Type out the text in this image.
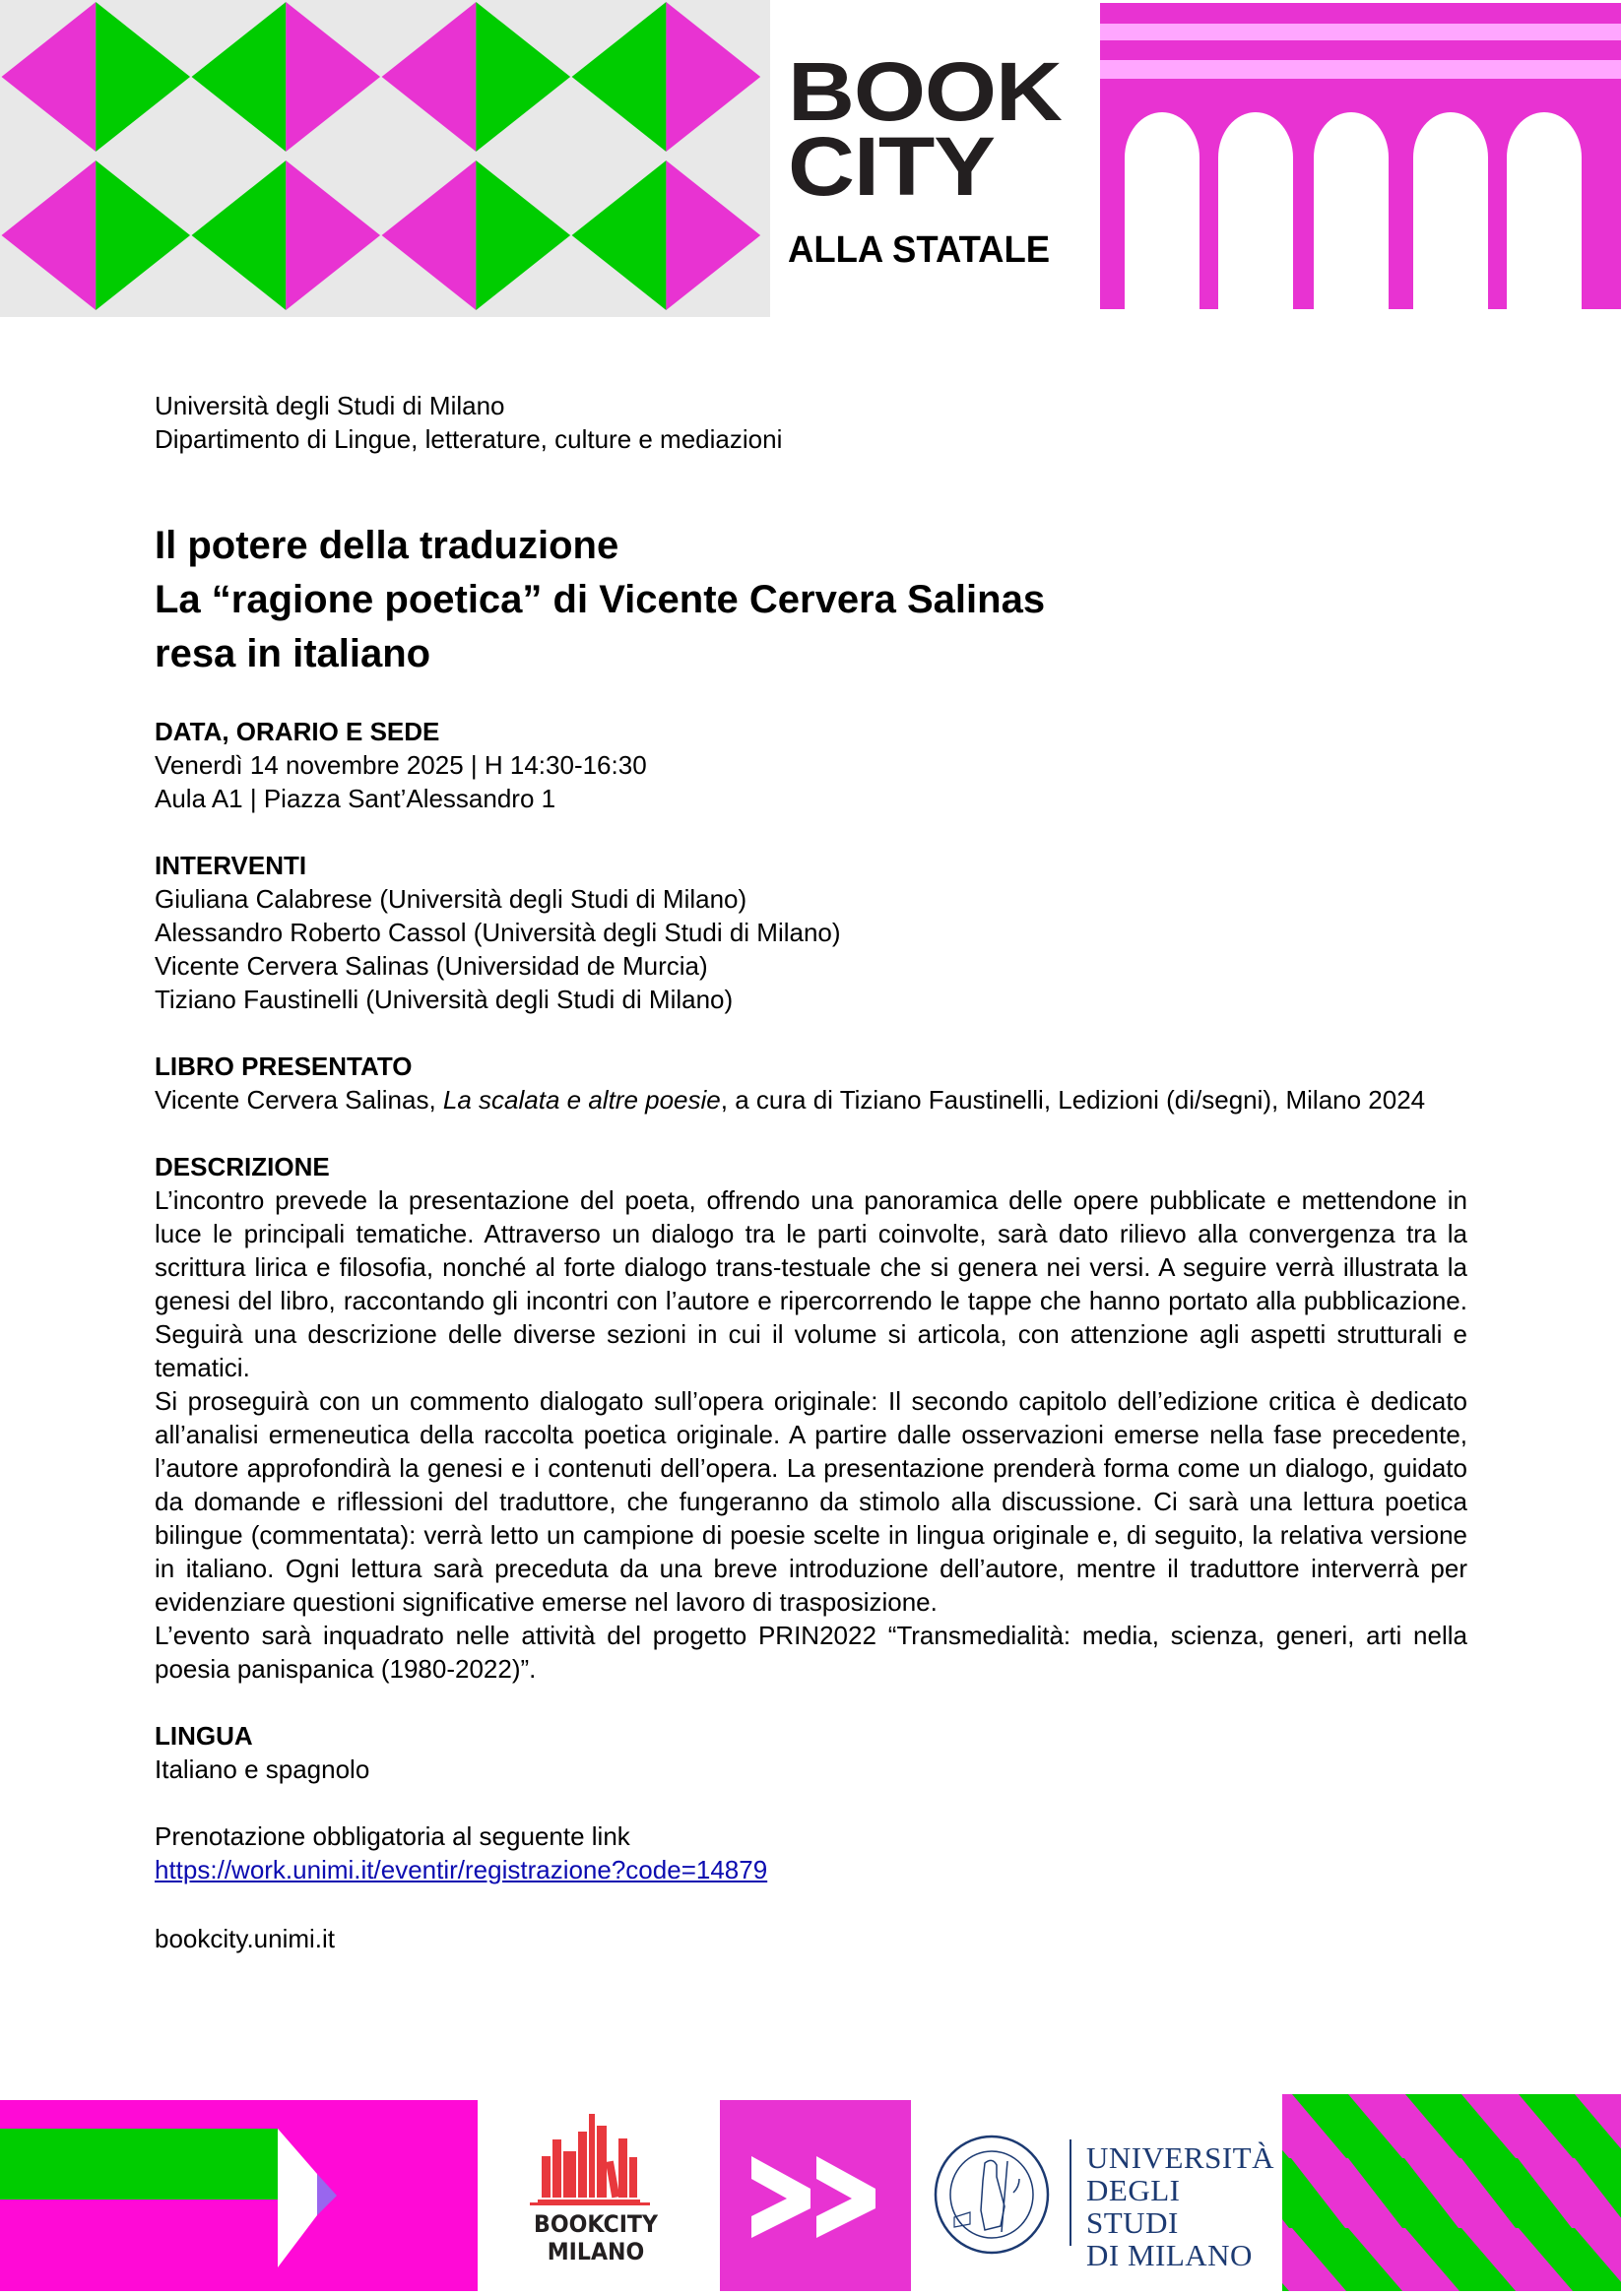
BOOK
CITY
ALLA STATALE

Università degli Studi di Milano

Dipartimento di Lingue, letterature, culture e mediazioni

Il potere della traduzione
La “ragione poetica” di Vicente Cervera Salinas
resa in italiano
DATA, ORARIO E SEDE

Venerdì 14 novembre 2025 | H 14:30-16:30

Aula A1 | Piazza Sant’Alessandro 1

INTERVENTI

Giuliana Calabrese (Università degli Studi di Milano)

Alessandro Roberto Cassol (Università degli Studi di Milano)

Vicente Cervera Salinas (Universidad de Murcia)

Tiziano Faustinelli (Università degli Studi di Milano)

LIBRO PRESENTATO

Vicente Cervera Salinas, La scalata e altre poesie, a cura di Tiziano Faustinelli, Ledizioni (di/segni), Milano 2024

DESCRIZIONE

L’incontro prevede la presentazione del poeta, offrendo una panoramica delle opere pubblicate e mettendone in luce le principali tematiche. Attraverso un dialogo tra le parti coinvolte, sarà dato rilievo alla convergenza tra la scrittura lirica e filosofia, nonché al forte dialogo trans-testuale che si genera nei versi. A seguire verrà illustrata la genesi del libro, raccontando gli incontri con l’autore e ripercorrendo le tappe che hanno portato alla pubblicazione. Seguirà una descrizione delle diverse sezioni in cui il volume si articola, con attenzione agli aspetti strutturali e tematici.

Si proseguirà con un commento dialogato sull’opera originale: Il secondo capitolo dell’edizione critica è dedicato all’analisi ermeneutica della raccolta poetica originale. A partire dalle osservazioni emerse nella fase precedente, l’autore approfondirà la genesi e i contenuti dell’opera. La presentazione prenderà forma come un dialogo, guidato da domande e riflessioni del traduttore, che fungeranno da stimolo alla discussione. Ci sarà una lettura poetica bilingue (commentata): verrà letto un campione di poesie scelte in lingua originale e, di seguito, la relativa versione in italiano. Ogni lettura sarà preceduta da una breve introduzione dell’autore, mentre il traduttore interverrà per evidenziare questioni significative emerse nel lavoro di trasposizione.

L’evento sarà inquadrato nelle attività del progetto PRIN2022 “Transmedialità: media, scienza, generi, arti nella poesia panispanica (1980-2022)”.

LINGUA

Italiano e spagnolo

Prenotazione obbligatoria al seguente link

https://work.unimi.it/eventir/registrazione?code=14879

bookcity.unimi.it

BOOKCITY
MILANO
UNIVERSITÀ
DEGLI STUDI
DI MILANO
